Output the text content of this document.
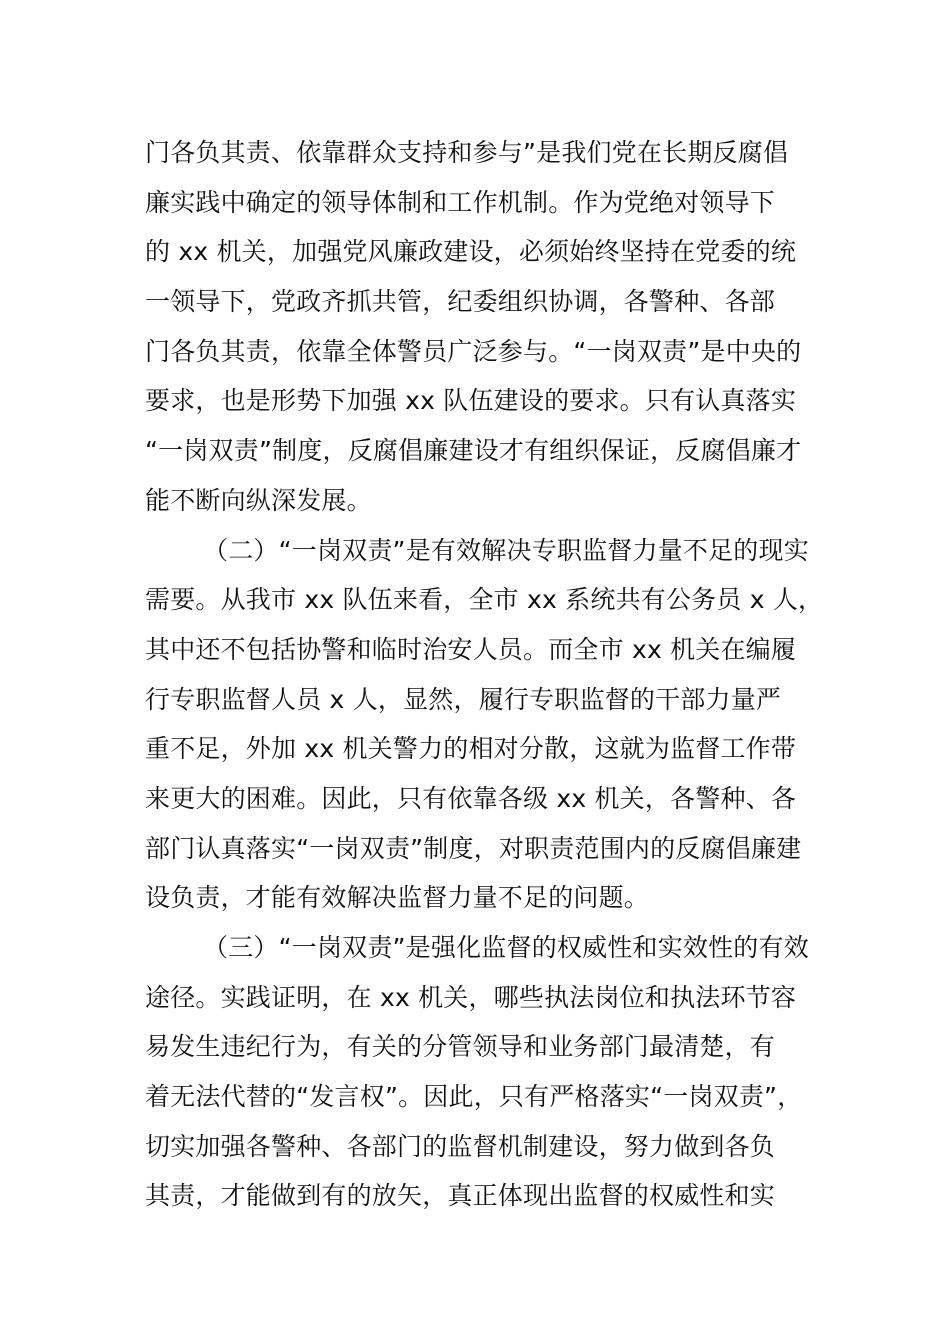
门各负其责、依靠群众支持和参与”是我们党在长期反腐倡
廉实践中确定的领导体制和工作机制。作为党绝对领导下
的 xx 机关，加强党风廉政建设，必须始终坚持在党委的统
一领导下，党政齐抓共管，纪委组织协调，各警种、各部
门各负其责，依靠全体警员广泛参与。“一岗双责”是中央的
要求，也是形势下加强 xx 队伍建设的要求。只有认真落实
“一岗双责”制度，反腐倡廉建设才有组织保证，反腐倡廉才
能不断向纵深发展。
（二）“一岗双责”是有效解决专职监督力量不足的现实
需要。从我市 xx 队伍来看，全市 xx 系统共有公务员 x 人，
其中还不包括协警和临时治安人员。而全市 xx 机关在编履
行专职监督人员 x 人，显然，履行专职监督的干部力量严
重不足，外加 xx 机关警力的相对分散，这就为监督工作带
来更大的困难。因此，只有依靠各级 xx 机关，各警种、各
部门认真落实“一岗双责”制度，对职责范围内的反腐倡廉建
设负责，才能有效解决监督力量不足的问题。
（三）“一岗双责”是强化监督的权威性和实效性的有效
途径。实践证明，在 xx 机关，哪些执法岗位和执法环节容
易发生违纪行为，有关的分管领导和业务部门最清楚，有
着无法代替的“发言权”。因此，只有严格落实“一岗双责”，
切实加强各警种、各部门的监督机制建设，努力做到各负
其责，才能做到有的放矢，真正体现出监督的权威性和实
